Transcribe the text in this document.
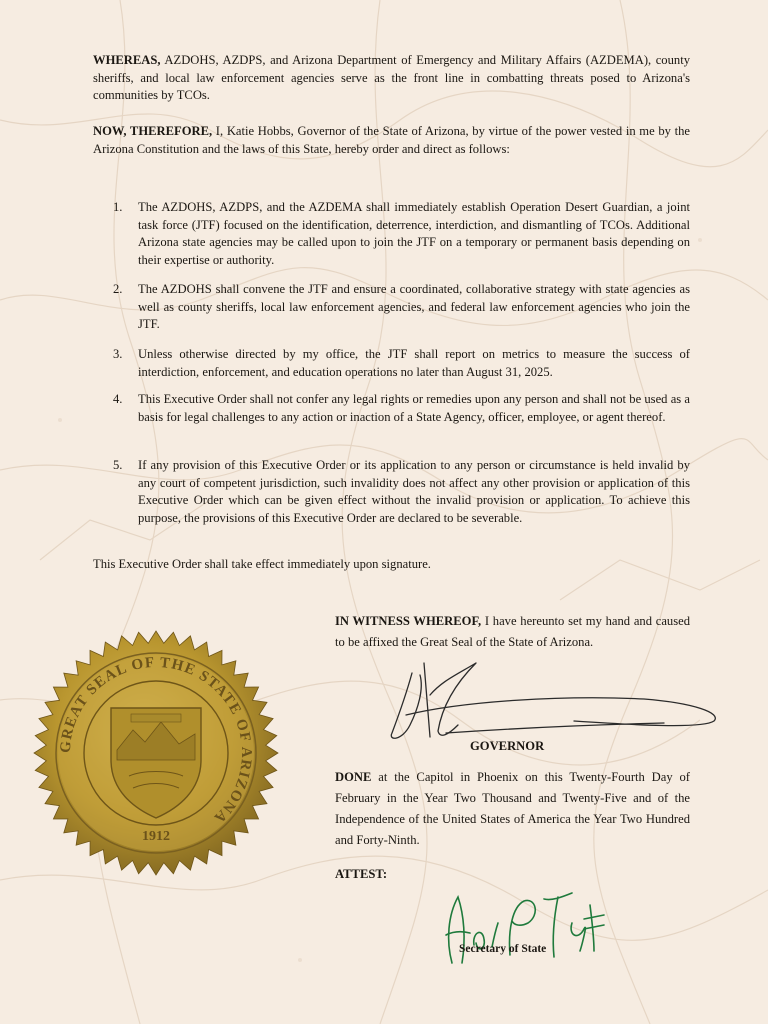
WHEREAS, AZDOHS, AZDPS, and Arizona Department of Emergency and Military Affairs (AZDEMA), county sheriffs, and local law enforcement agencies serve as the front line in combatting threats posed to Arizona's communities by TCOs.

NOW, THEREFORE, I, Katie Hobbs, Governor of the State of Arizona, by virtue of the power vested in me by the Arizona Constitution and the laws of this State, hereby order and direct as follows:

1. The AZDOHS, AZDPS, and the AZDEMA shall immediately establish Operation Desert Guardian, a joint task force (JTF) focused on the identification, deterrence, interdiction, and dismantling of TCOs. Additional Arizona state agencies may be called upon to join the JTF on a temporary or permanent basis depending on their expertise or authority.

2. The AZDOHS shall convene the JTF and ensure a coordinated, collaborative strategy with state agencies as well as county sheriffs, local law enforcement agencies, and federal law enforcement agencies who join the JTF.

3. Unless otherwise directed by my office, the JTF shall report on metrics to measure the success of interdiction, enforcement, and education operations no later than August 31, 2025.

4. This Executive Order shall not confer any legal rights or remedies upon any person and shall not be used as a basis for legal challenges to any action or inaction of a State Agency, officer, employee, or agent thereof.

5. If any provision of this Executive Order or its application to any person or circumstance is held invalid by any court of competent jurisdiction, such invalidity does not affect any other provision or application of this Executive Order which can be given effect without the invalid provision or application. To achieve this purpose, the provisions of this Executive Order are declared to be severable.

This Executive Order shall take effect immediately upon signature.

IN WITNESS WHEREOF, I have hereunto set my hand and caused to be affixed the Great Seal of the State of Arizona.

GOVERNOR

DONE at the Capitol in Phoenix on this Twenty-Fourth Day of February in the Year Two Thousand and Twenty-Five and of the Independence of the United States of America the Year Two Hundred and Forty-Ninth.

ATTEST:
Secretary of State
GREAT SEAL OF THE STATE OF ARIZONA
1912
